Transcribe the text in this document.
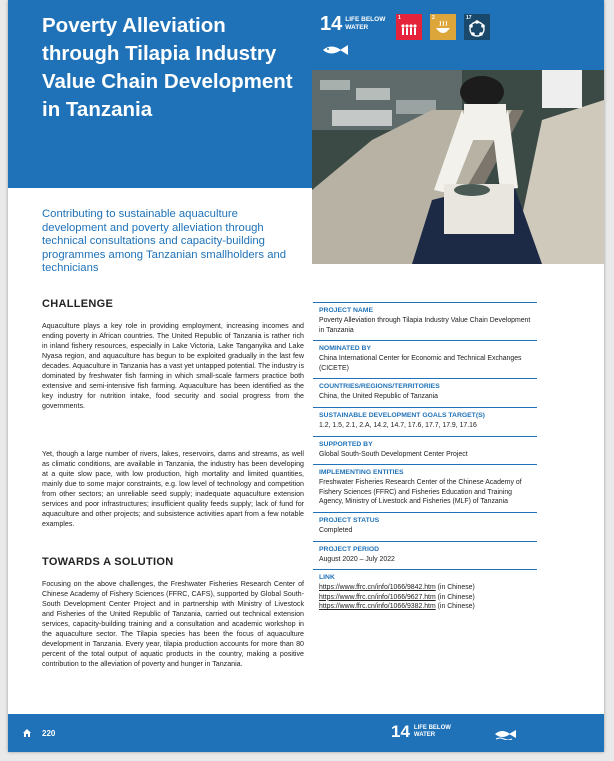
Poverty Alleviation through Tilapia Industry Value Chain Development in Tanzania
14 LIFE BELOW WATER
1	2	17

Contributing to sustainable aquaculture development and poverty alleviation through technical consultations and capacity-building programmes among Tanzanian smallholders and technicians

CHALLENGE

Aquaculture plays a key role in providing employment, increasing incomes and ending poverty in African countries. The United Republic of Tanzania is rather rich in inland fishery resources, especially in Lake Victoria, Lake Tanganyika and Lake Nyasa region, and aquaculture has begun to be exploited gradually in the last few decades. Aquaculture in Tanzania has a vast yet untapped potential. The industry is dominated by freshwater fish farming in which small-scale farmers practice both extensive and semi-intensive fish farming. Aquaculture has been identified as the key industry for nutrition intake, food security and social progress from the governments.

Yet, though a large number of rivers, lakes, reservoirs, dams and streams, as well as climatic conditions, are available in Tanzania, the industry has been developing at a quite slow pace, with low production, high mortality and limited quantities, mainly due to some major constraints, e.g. low level of technology and competition from other sectors; an unreliable seed supply; inadequate aquaculture extension services and poor infrastructures; insufficient quality feeds supply; lack of fund for aquaculture and other projects; and subsistence activities apart from a few notable examples.

TOWARDS A SOLUTION

Focusing on the above challenges, the Freshwater Fisheries Research Center of Chinese Academy of Fishery Sciences (FFRC, CAFS), supported by Global South-South Development Center Project and in partnership with Ministry of Livestock and Fisheries of the United Republic of Tanzania, carried out technical extension services, capacity-building training and a consultation and academic workshop in the aquaculture sector. The Tilapia species has been the focus of aquaculture development in Tanzania. Every year, tilapia production accounts for more than 80 percent of the total output of aquatic products in the country, making a positive contribution to the alleviation of poverty and hunger in Tanzania.

PROJECT NAME
Poverty Alleviation through Tilapia Industry Value Chain Development in Tanzania
NOMINATED BY
China International Center for Economic and Technical Exchanges (CICETE)
COUNTRIES/REGIONS/TERRITORIES
China, the United Republic of Tanzania
SUSTAINABLE DEVELOPMENT GOALS TARGET(S)
1.2, 1.5, 2.1, 2.A, 14.2, 14.7, 17.6, 17.7, 17.9, 17.16
SUPPORTED BY
Global South-South Development Center Project
IMPLEMENTING ENTITIES
Freshwater Fisheries Research Center of the Chinese Academy of Fishery Sciences (FFRC) and Fisheries Education and Training Agency, Ministry of Livestock and Fisheries (MLF) of Tanzania
PROJECT STATUS
Completed
PROJECT PERIOD
August 2020 – July 2022
LINK
https://www.ffrc.cn/info/1066/9842.htm (in Chinese)
https://www.ffrc.cn/info/1066/9627.htm (in Chinese)
https://www.ffrc.cn/info/1066/9382.htm (in Chinese)
220	14 LIFE BELOW WATER
